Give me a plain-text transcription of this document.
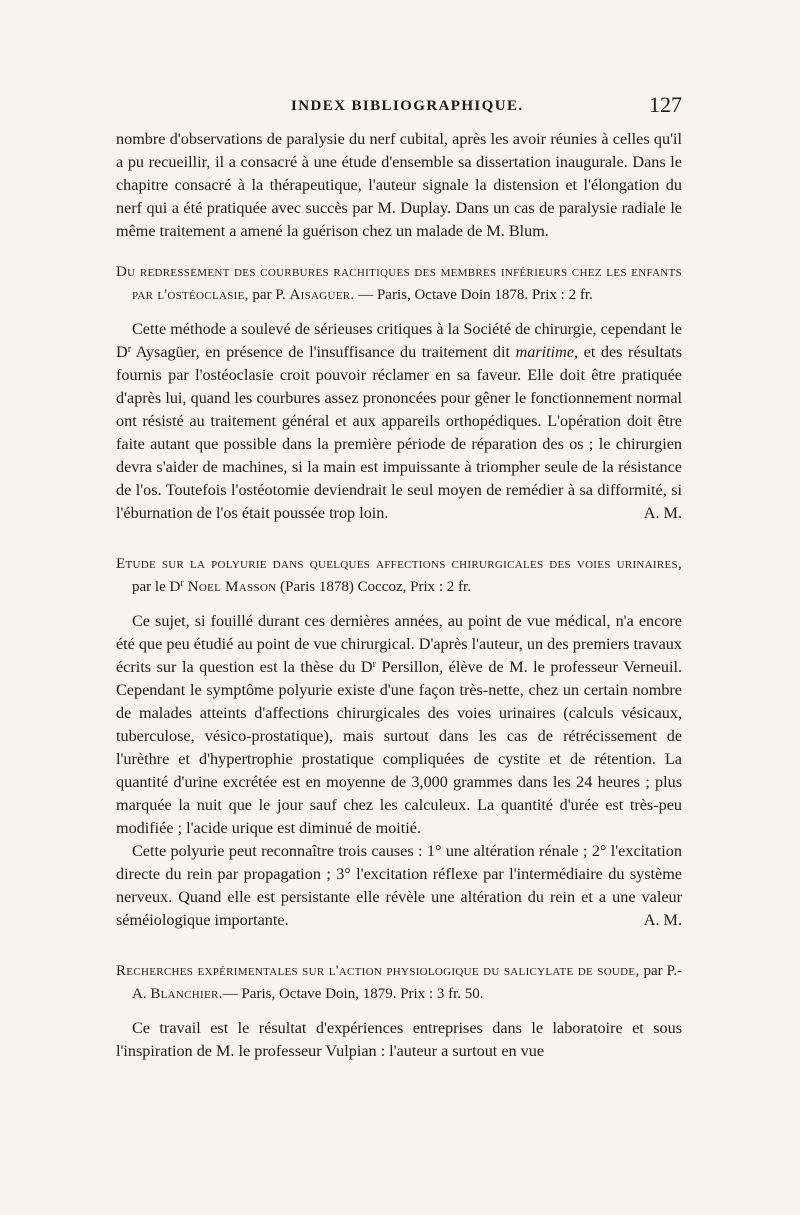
INDEX BIBLIOGRAPHIQUE.	127

nombre d'observations de paralysie du nerf cubital, après les avoir réunies à celles qu'il a pu recueillir, il a consacré à une étude d'ensemble sa dissertation inaugurale. Dans le chapitre consacré à la thérapeutique, l'auteur signale la distension et l'élongation du nerf qui a été pratiquée avec succès par M. Duplay. Dans un cas de paralysie radiale le même traitement a amené la guérison chez un malade de M. Blum.

Du redressement des courbures rachitiques des membres inférieurs chez les enfants par l'ostéoclasie, par P. Aisaguer. — Paris, Octave Doin 1878. Prix : 2 fr.

Cette méthode a soulevé de sérieuses critiques à la Société de chirurgie, cependant le $D^r$ Aysagüer, en présence de l'insuffisance du traitement dit maritime, et des résultats fournis par l'ostéoclasie croit pouvoir réclamer en sa faveur. Elle doit être pratiquée d'après lui, quand les courbures assez prononcées pour gêner le fonctionnement normal ont résisté au traitement général et aux appareils orthopédiques. L'opération doit être faite autant que possible dans la première période de réparation des os ; le chirurgien devra s'aider de machines, si la main est impuissante à triompher seule de la résistance de l'os. Toutefois l'ostéotomie deviendrait le seul moyen de remédier à sa difformité, si l'éburnation de l'os était poussée trop loin.	A. M.

Etude sur la polyurie dans quelques affections chirurgicales des voies urinaires, par le $D^r$ Noel Masson (Paris 1878) Coccoz, Prix : 2 fr.

Ce sujet, si fouillé durant ces dernières années, au point de vue médical, n'a encore été que peu étudié au point de vue chirurgical. D'après l'auteur, un des premiers travaux écrits sur la question est la thèse du $D^r$ Persillon, élève de M. le professeur Verneuil. Cependant le symptôme polyurie existe d'une façon très-nette, chez un certain nombre de malades atteints d'affections chirurgicales des voies urinaires (calculs vésicaux, tuberculose, vésico-prostatique), mais surtout dans les cas de rétrécissement de l'urèthre et d'hypertrophie prostatique compliquées de cystite et de rétention. La quantité d'urine excrétée est en moyenne de 3,000 grammes dans les 24 heures ; plus marquée la nuit que le jour sauf chez les calculeux. La quantité d'urée est très-peu modifiée ; l'acide urique est diminué de moitié.

Cette polyurie peut reconnaître trois causes : 1° une altération rénale ; 2° l'excitation directe du rein par propagation ; 3° l'excitation réflexe par l'intermédiaire du système nerveux. Quand elle est persistante elle révèle une altération du rein et a une valeur séméiologique importante.	A. M.

Recherches expérimentales sur l'action physiologique du salicylate de soude, par P.-A. Blanchier.— Paris, Octave Doin, 1879. Prix : 3 fr. 50.

Ce travail est le résultat d'expériences entreprises dans le laboratoire et sous l'inspiration de M. le professeur Vulpian : l'auteur a surtout en vue
